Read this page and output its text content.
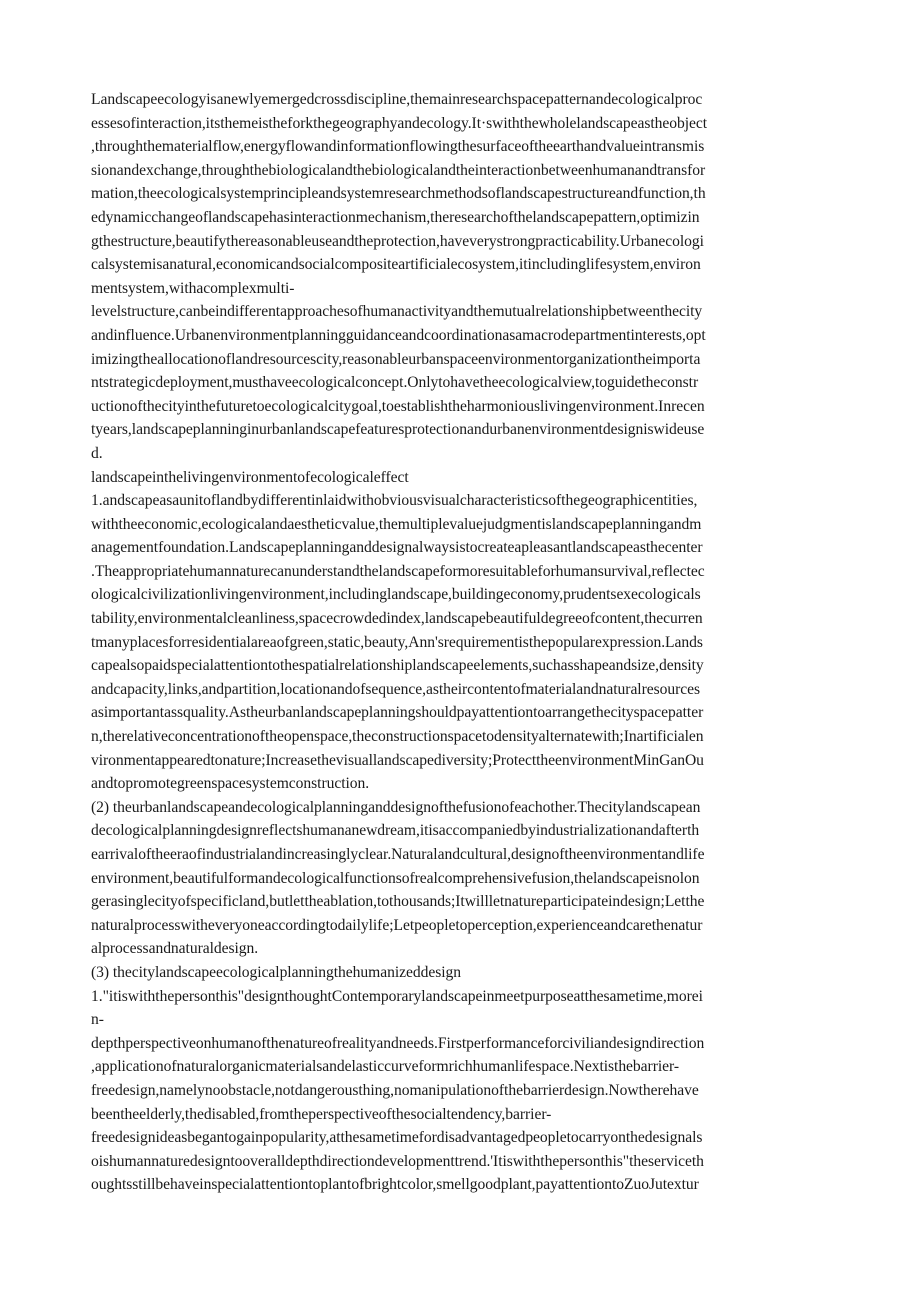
Landscapeecologyisanewlyemergedcrossdiscipline,themainresearchspacepatternandecologicalproc
essesofinteraction,itsthemeistheforkthegeographyandecology.It·swiththewholelandscapeastheobject
,throughthematerialflow,energyflowandinformationflowingthesurfaceoftheearthandvalueintransmis
sionandexchange,throughthebiologicalandthebiologicalandtheinteractionbetweenhumanandtransfor
mation,theecologicalsystemprincipleandsystemresearchmethodsoflandscapestructureandfunction,th
edynamicchangeoflandscapehasinteractionmechanism,theresearchofthelandscapepattern,optimizin
gthestructure,beautifythereasonableuseandtheprotection,haveverystrongpracticability.Urbanecologi
calsystemisanatural,economicandsocialcompositeartificialecosystem,itincludinglifesystem,environ
mentsystem,withacomplexmulti-
levelstructure,canbeindifferentapproachesofhumanactivityandthemutualrelationshipbetweenthecity
andinfluence.Urbanenvironmentplanningguidanceandcoordinationasamacrodepartmentinterests,opt
imizingtheallocationoflandresourcescity,reasonableurbanspaceenvironmentorganizationtheimporta
ntstrategicdeployment,musthaveecologicalconcept.Onlytohavetheecologicalview,toguidetheconstr
uctionofthecityinthefuturetoecologicalcitygoal,toestablishtheharmoniouslivingenvironment.Inrecen
tyears,landscapeplanninginurbanlandscapefeaturesprotectionandurbanenvironmentdesigniswideuse
d.
landscapeinthelivingenvironmentofecologicaleffect
1.andscapeasaunitoflandbydifferentinlaidwithobviousvisualcharacteristicsofthegeographicentities,
withtheeconomic,ecologicalandaestheticvalue,themultiplevaluejudgmentislandscapeplanningandm
anagementfoundation.Landscapeplanninganddesignalwaysistocreateapleasantlandscapeasthecenter
.Theappropriatehumannaturecanunderstandthelandscapeformoresuitableforhumansurvival,reflectec
ologicalcivilizationlivingenvironment,includinglandscape,buildingeconomy,prudentsexecologicals
tability,environmentalcleanliness,spacecrowdedindex,landscapebeautifuldegreeofcontent,thecurren
tmanyplacesforresidentialareaofgreen,static,beauty,Ann'srequirementisthepopularexpression.Lands
capealsopaidspecialattentiontothespatialrelationshiplandscapeelements,suchasshapeandsize,density
andcapacity,links,andpartition,locationandofsequence,astheircontentofmaterialandnaturalresources
asimportantassquality.Astheurbanlandscapeplanningshouldpayattentiontoarrangethecityspacepatter
n,therelativeconcentrationoftheopenspace,theconstructionspacetodensityalternatewith;Inartificialen
vironmentappearedtonature;Increasethevisuallandscapediversity;ProtecttheenvironmentMinGanOu
andtopromotegreenspacesystemconstruction.
(2) theurbanlandscapeandecologicalplanninganddesignofthefusionofeachother.Thecitylandscapean
decologicalplanningdesignreflectshumananewdream,itisaccompaniedbyindustrializationandafterth
earrivaloftheeraofindustrialandincreasinglyclear.Naturalandcultural,designoftheenvironmentandlife
environment,beautifulformandecologicalfunctionsofrealcomprehensivefusion,thelandscapeisnolon
gerasinglecityofspecificland,butlettheablation,tothousands;Itwillletnatureparticipateindesign;Letthe
naturalprocesswitheveryoneaccordingtodailylife;Letpeopletoperception,experienceandcarethenatur
alprocessandnaturaldesign.
(3) thecitylandscapeecologicalplanningthehumanizeddesign
1."itiswiththepersonthis"designthoughtContemporarylandscapeinmeetpurposeatthesametime,morei
n-
depthperspectiveonhumanofthenatureofrealityandneeds.Firstperformanceforciviliandesigndirection
,applicationofnaturalorganicmaterialsandelasticcurveformrichhumanlifespace.Nextisthebarrier-
freedesign,namelynoobstacle,notdangerousthing,nomanipulationofthebarrierdesign.Nowtherehave
beentheelderly,thedisabled,fromtheperspectiveofthesocialtendency,barrier-
freedesignideasbegantogainpopularity,atthesametimefordisadvantagedpeopletocarryonthedesignals
oishumannaturedesigntooveralldepthdirectiondevelopmenttrend.'Itiswiththepersonthis"theserviceth
oughtsstillbehaveinspecialattentiontoplantofbrightcolor,smellgoodplant,payattentiontoZuoJutextur
